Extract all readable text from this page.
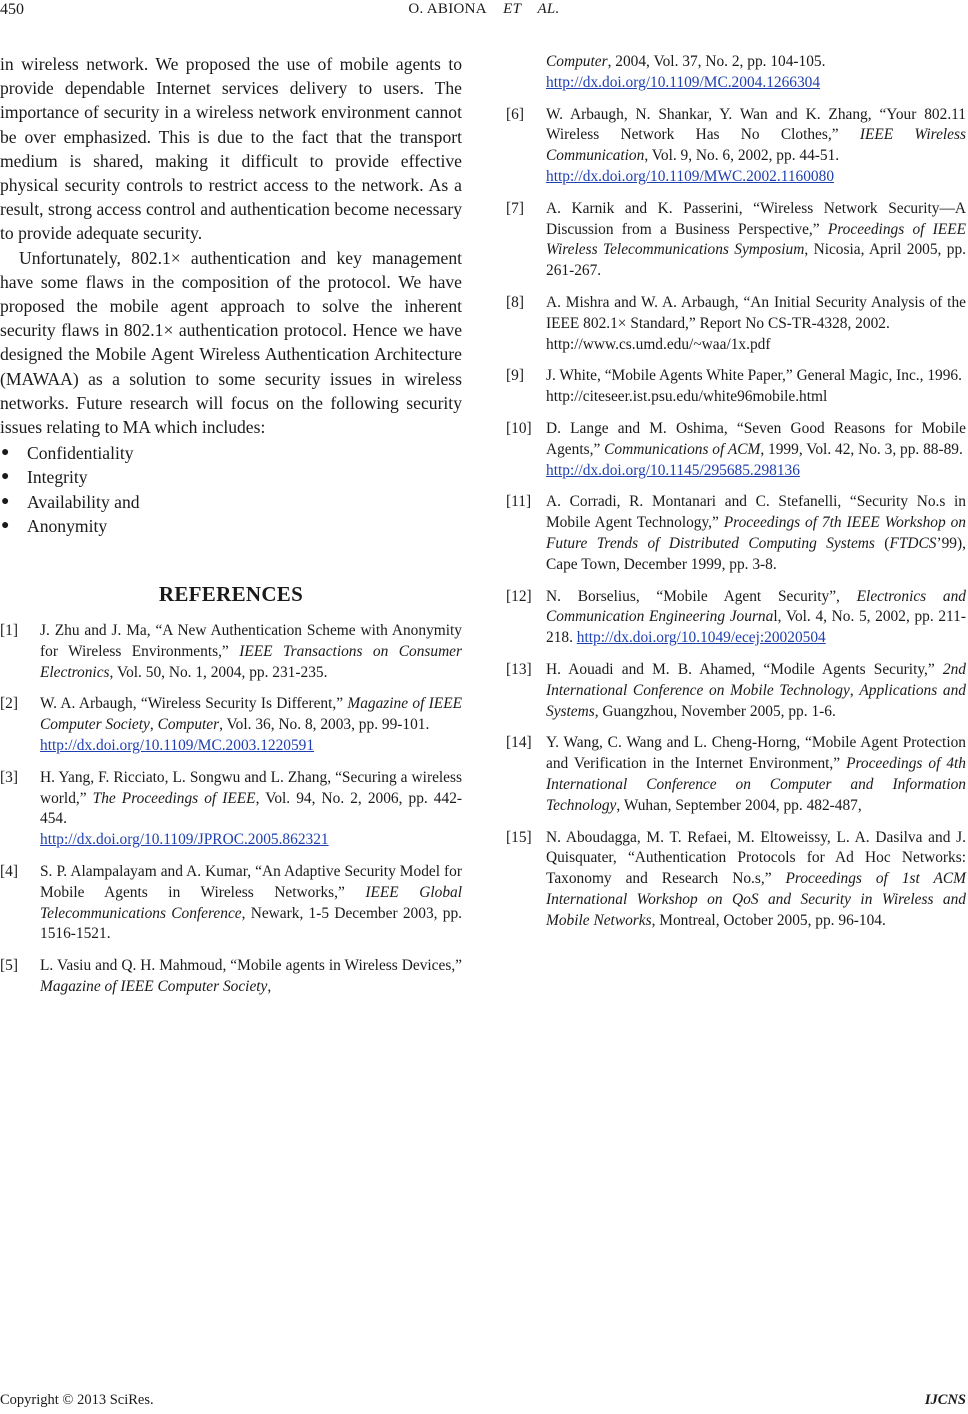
450	O. ABIONA ET AL.

in wireless network. We proposed the use of mobile agents to provide dependable Internet services delivery to users. The importance of security in a wireless network environment cannot be over emphasized. This is due to the fact that the transport medium is shared, making it difficult to provide effective physical security controls to restrict access to the network. As a result, strong access control and authentication become necessary to provide adequate security.

Unfortunately, 802.1× authentication and key management have some flaws in the composition of the protocol. We have proposed the mobile agent approach to solve the inherent security flaws in 802.1× authentication protocol. Hence we have designed the Mobile Agent Wireless Authentication Architecture (MAWAA) as a solution to some security issues in wireless networks. Future research will focus on the following security issues relating to MA which includes:

● Confidentiality
● Integrity
● Availability and
● Anonymity
REFERENCES
[1]	J. Zhu and J. Ma, “A New Authentication Scheme with Anonymity for Wireless Environments,” IEEE Transactions on Consumer Electronics, Vol. 50, No. 1, 2004, pp. 231-235.
[2]	W. A. Arbaugh, “Wireless Security Is Different,” Magazine of IEEE Computer Society, Computer, Vol. 36, No. 8, 2003, pp. 99-101.
http://dx.doi.org/10.1109/MC.2003.1220591
[3]	H. Yang, F. Ricciato, L. Songwu and L. Zhang, “Securing a wireless world,” The Proceedings of IEEE, Vol. 94, No. 2, 2006, pp. 442-454.
http://dx.doi.org/10.1109/JPROC.2005.862321
[4]	S. P. Alampalayam and A. Kumar, “An Adaptive Security Model for Mobile Agents in Wireless Networks,” IEEE Global Telecommunications Conference, Newark, 1-5 December 2003, pp. 1516-1521.
[5]	L. Vasiu and Q. H. Mahmoud, “Mobile agents in Wireless Devices,” Magazine of IEEE Computer Society,
Computer, 2004, Vol. 37, No. 2, pp. 104-105.
http://dx.doi.org/10.1109/MC.2004.1266304
[6]	W. Arbaugh, N. Shankar, Y. Wan and K. Zhang, “Your 802.11 Wireless Network Has No Clothes,” IEEE Wireless Communication, Vol. 9, No. 6, 2002, pp. 44-51.
http://dx.doi.org/10.1109/MWC.2002.1160080
[7]	A. Karnik and K. Passerini, “Wireless Network Security—A Discussion from a Business Perspective,” Proceedings of IEEE Wireless Telecommunications Symposium, Nicosia, April 2005, pp. 261-267.
[8]	A. Mishra and W. A. Arbaugh, “An Initial Security Analysis of the IEEE 802.1× Standard,” Report No CS-TR-4328, 2002.
http://www.cs.umd.edu/~waa/1x.pdf
[9]	J. White, “Mobile Agents White Paper,” General Magic, Inc., 1996.
http://citeseer.ist.psu.edu/white96mobile.html
[10] D. Lange and M. Oshima, “Seven Good Reasons for Mobile Agents,” Communications of ACM, 1999, Vol. 42, No. 3, pp. 88-89.
http://dx.doi.org/10.1145/295685.298136
[11] A. Corradi, R. Montanari and C. Stefanelli, “Security No.s in Mobile Agent Technology,” Proceedings of 7th IEEE Workshop on Future Trends of Distributed Computing Systems (FTDCS’99), Cape Town, December 1999, pp. 3-8.
[12] N. Borselius, “Mobile Agent Security”, Electronics and Communication Engineering Journal, Vol. 4, No. 5, 2002, pp. 211-218. http://dx.doi.org/10.1049/ecej:20020504
[13] H. Aouadi and M. B. Ahamed, “Modile Agents Security,” 2nd International Conference on Mobile Technology, Applications and Systems, Guangzhou, November 2005, pp. 1-6.
[14] Y. Wang, C. Wang and L. Cheng-Horng, “Mobile Agent Protection and Verification in the Internet Environment,” Proceedings of 4th International Conference on Computer and Information Technology, Wuhan, September 2004, pp. 482-487,
[15] N. Aboudagga, M. T. Refaei, M. Eltoweissy, L. A. Dasilva and J. Quisquater, “Authentication Protocols for Ad Hoc Networks: Taxonomy and Research No.s,” Proceedings of 1st ACM International Workshop on QoS and Security in Wireless and Mobile Networks, Montreal, October 2005, pp. 96-104.
Copyright © 2013 SciRes.	IJCNS
